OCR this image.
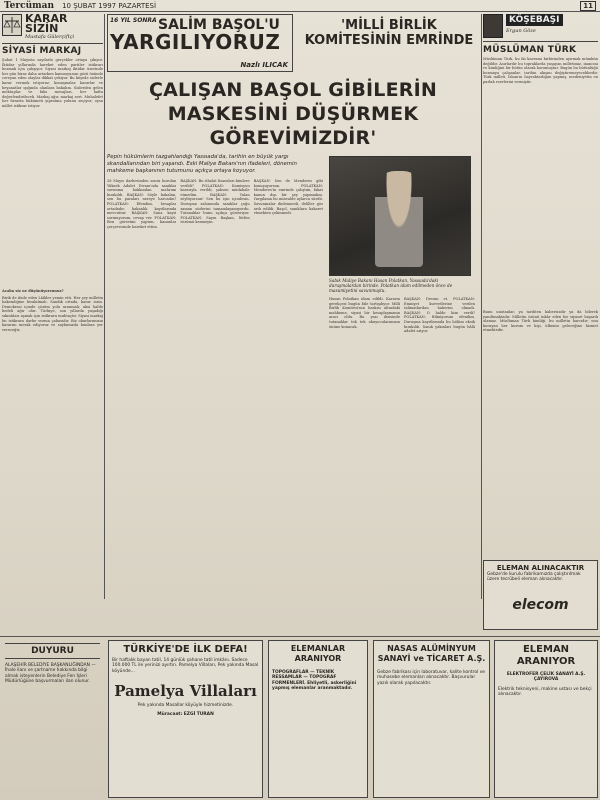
Tercüman 10 ŞUBAT 1997 PAZARTESİ	11
KARAR SİZİN
Mustafa Gülerçiftçi
SİYASİ MARKAJ
Şubat 1 Mayısta sayılarla gerçekler ortaya çıkıyor. İktidar yıllarında hareket eden partiler istikrarı bozmak için çalışıyor. Siyasi markaj iktidar üzerinde her gün biraz daha artarken kamuoyunun gözü önünde cereyan eden olaylar dikkat çekiyor. Bu köşede sizlerle karar vermek istiyoruz; konuşmalar, kararlar ve beyanatlar ışığında olanlara bakalım. Sizlerden gelen mektuplar ve faks mesajları, her hafta değerlendirilecek. Markaj ağır, markaj sert. Muhalefet her fırsatta hükümeti yıpratma yolunu seçiyor; oysa millet istikrar istiyor.
Acaba siz ne düşünüyorsunuz?
Birik de ifade eden Lâikler yemin etti. Her şey milletin hakemliğine bırakılmalı. Sandık ortada, karar sizin. Demokrasi içinde çözüm yolu aranmalı; aksi halde bedeli ağır olur. Türkiye, son yıllarda yaşadığı sıkıntıları aşmak için istikrara muhtaçtır. Siyasi markaj bu istikrara darbe vurma çabasıdır. Biz okurlarımızın kararını merak ediyoruz ve sayfamızda bunlara yer vereceğiz.
16 YIL SONRA SALİM BAŞOL'U
YARGILIYORUZ
Nazlı ILICAK
'MİLLİ BİRLİK KOMİTESİNİN EMRİNDE
ÇALIŞAN BAŞOL GİBİLERİN MASKESİNİ DÜŞÜRMEK GÖREVİMİZDİR'
Pepin hükümlerin tazgahlandığı Yassıada'da, tarihin en büyük yargı skandallarından biri yaşandı. Eski Maliye Bakanı'nın ifadeleri, dönemin mahkeme başkanının tutumunu açıkça ortaya koyuyor.
28 Mayıs darbesinden sonra kurulan Yüksek Adalet Divanı'nda sanıklar savunma hakkından mahrum bırakıldı. BAŞKAN: Söyle bakalım, sen bu paraları nereye harcadın? POLATKAN: Efendim, hesaplar ortadadır, bakanlık kayıtlarında mevcuttur. BAŞKAN: Sana kayıt sormuyorum, cevap ver. POLATKAN: Ben görevimi yaptım, kanunlar çerçevesinde hareket ettim.
BAŞKAN: Bu ithalat lisansları kimlere verildi? POLATKAN: Komisyon kararıyla verildi, şahsen müdahale etmedim. BAŞKAN: Yalan söylüyorsun! Sen bu işin içindesin. Duruşma salonunda sanıklar çoğu zaman sözlerini tamamlayamıyordu. Tutanaklar bunu açıkça gösteriyor. POLATKAN: Sayın Başkan, lütfen sözümü kesmeyin.
BAŞKAN: Sen de Menderes gibi konuşuyorsun. POLATKAN: Menderes'in emrinde çalıştım, fakat kanun dışı bir şey yapmadım. Yargılama bu minvalde aylarca sürdü. Savunmalar dinlenmedi, deliller göz ardı edildi. Başol, sanıklara hakaret etmekten çekinmedi.
Sabık Maliye Bakanı Hasan Polatkan, Yassıada'daki duruşmalardan birinde. Polatkan idam edilmeden önce de masumiyetini savunmuştu.
Hasan Polatkan idam edildi. Kararın gerekçesi bugün bile tartışılıyor. Milli Birlik Komitesi'nin baskısı altındaki mahkeme, siyasi bir hesaplaşmanın aracı oldu. Bu yazı dizisinde tutanaklar tek tek okuyucularımızın önüne konacak.
BAŞKAN: Devam et. POLATKAN: Emniyet kuvvetlerine verilen talimatlardan haberim olmadı. BAŞKAN: O halde kim verdi? POLATKAN: Bilmiyorum efendim. Duruşma kayıtlarında bu bölüm eksik bırakıldı. Sanık yakınları bugün hâlâ adalet arıyor.
KÖŞEBAŞI
Ergun Göze
MÜSLÜMAN TÜRK
Müslüman Türk, bu iki kavramı birbirinden ayırmak mümkün değildir. Asırlardır bu topraklarda yaşayan milletimiz, inancını ve kimliğini bir bütün olarak korumuştur. Bugün bu bütünlüğü bozmaya çalışanlar, tarihin akışını değiştiremeyeceklerdir. Türk milleti, İslam'ın bayraktarlığını yapmış, medeniyetin en parlak eserlerini vermiştir.
Bunu unutanlar, ya tarihten habersizdir ya da bilerek yanıltmaktadır. Milletin özünü inkâr eden bir siyaset başarılı olamaz. Müslüman Türk kimliği, bu milletin harcıdır; onu koruyan her kurum ve kişi, ülkenin geleceğine hizmet etmektedir.
ELEMAN ALINACAKTIR
Gebze'de kurulu fabrikamızda çalıştırılmak üzere tecrübeli eleman alınacaktır.
elecom
DUYURU
ALAŞEHİR BELEDİYE BAŞKANLIĞINDAN — İhale ilanı ve şartname hakkında bilgi almak isteyenlerin Belediye Fen İşleri Müdürlüğüne başvurmaları ilan olunur.
TÜRKİYE'DE İLK DEFA!
Bir haftalık bayan tatil, 14 günlük şahane tatil imkânı. Sadece 100.000 TL ile yerinizi ayırtın. Pamelya Villaları, Pek yakında Masal köyünde...
Pamelya Villaları
Pek yakında Masallar köyüyle hizmetinizde.
Müracaat: EZGİ TURAN
ELEMANLAR ARANIYOR
TOPOGRAFLAR — TEKNİK RESSAMLAR — TOPOGRAF FORMENLERİ. Ehliyetli, askerliğini yapmış elemanlar aranmaktadır.
NASAS ALÜMİNYUM SANAYİ ve TİCARET A.Ş.
Gebze fabrikası için laboratuvar, kalite kontrol ve muhasebe elemanları alınacaktır. Başvurular yazılı olarak yapılacaktır.
ELEMAN ARANIYOR
ELEKTROFER ÇELİK SANAYİ A.Ş. ÇAYIROVA
Elektrik teknisyeni, makine ustası ve bekçi alınacaktır.
